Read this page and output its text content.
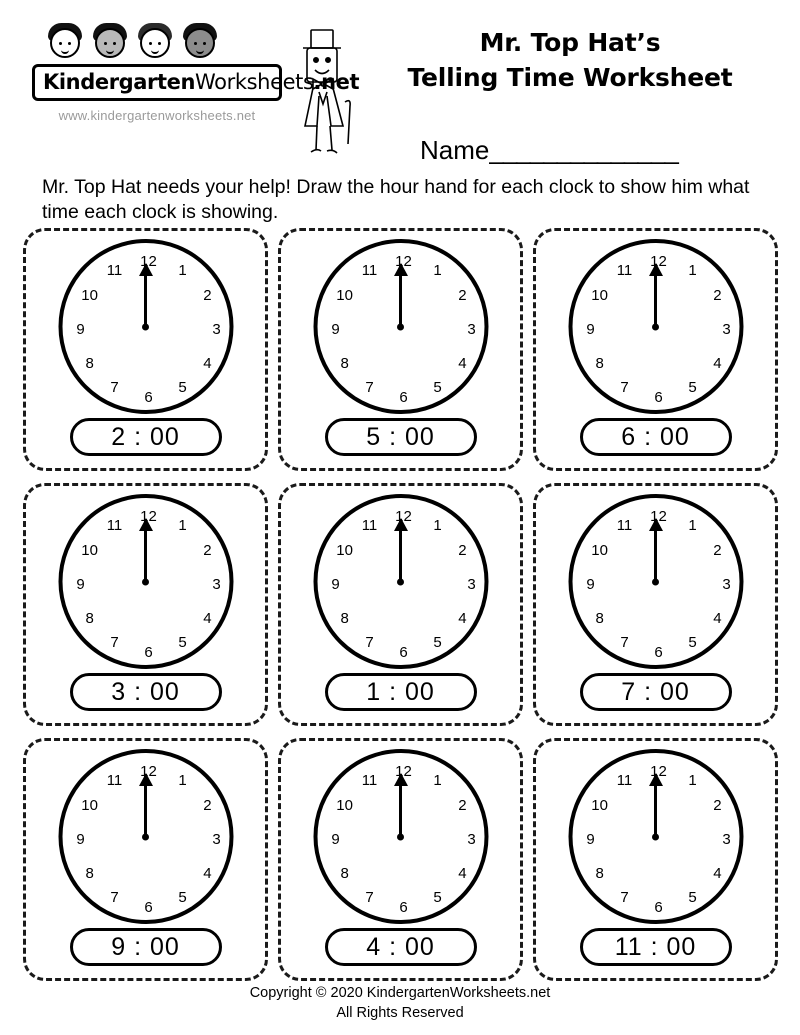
KindergartenWorksheets.net
www.kindergartenworksheets.net
Mr. Top Hat’s
Telling Time Worksheet
Name______________
Mr. Top Hat needs your help! Draw the hour hand for each clock to show him what time each clock is showing.
12
1
2
3
4
5
6
7
8
9
10
11
2 : 00
12
1
2
3
4
5
6
7
8
9
10
11
5 : 00
12
1
2
3
4
5
6
7
8
9
10
11
6 : 00
12
1
2
3
4
5
6
7
8
9
10
11
3 : 00
12
1
2
3
4
5
6
7
8
9
10
11
1 : 00
12
1
2
3
4
5
6
7
8
9
10
11
7 : 00
12
1
2
3
4
5
6
7
8
9
10
11
9 : 00
12
1
2
3
4
5
6
7
8
9
10
11
4 : 00
12
1
2
3
4
5
6
7
8
9
10
11
11 : 00
Copyright © 2020 KindergartenWorksheets.net
All Rights Reserved
